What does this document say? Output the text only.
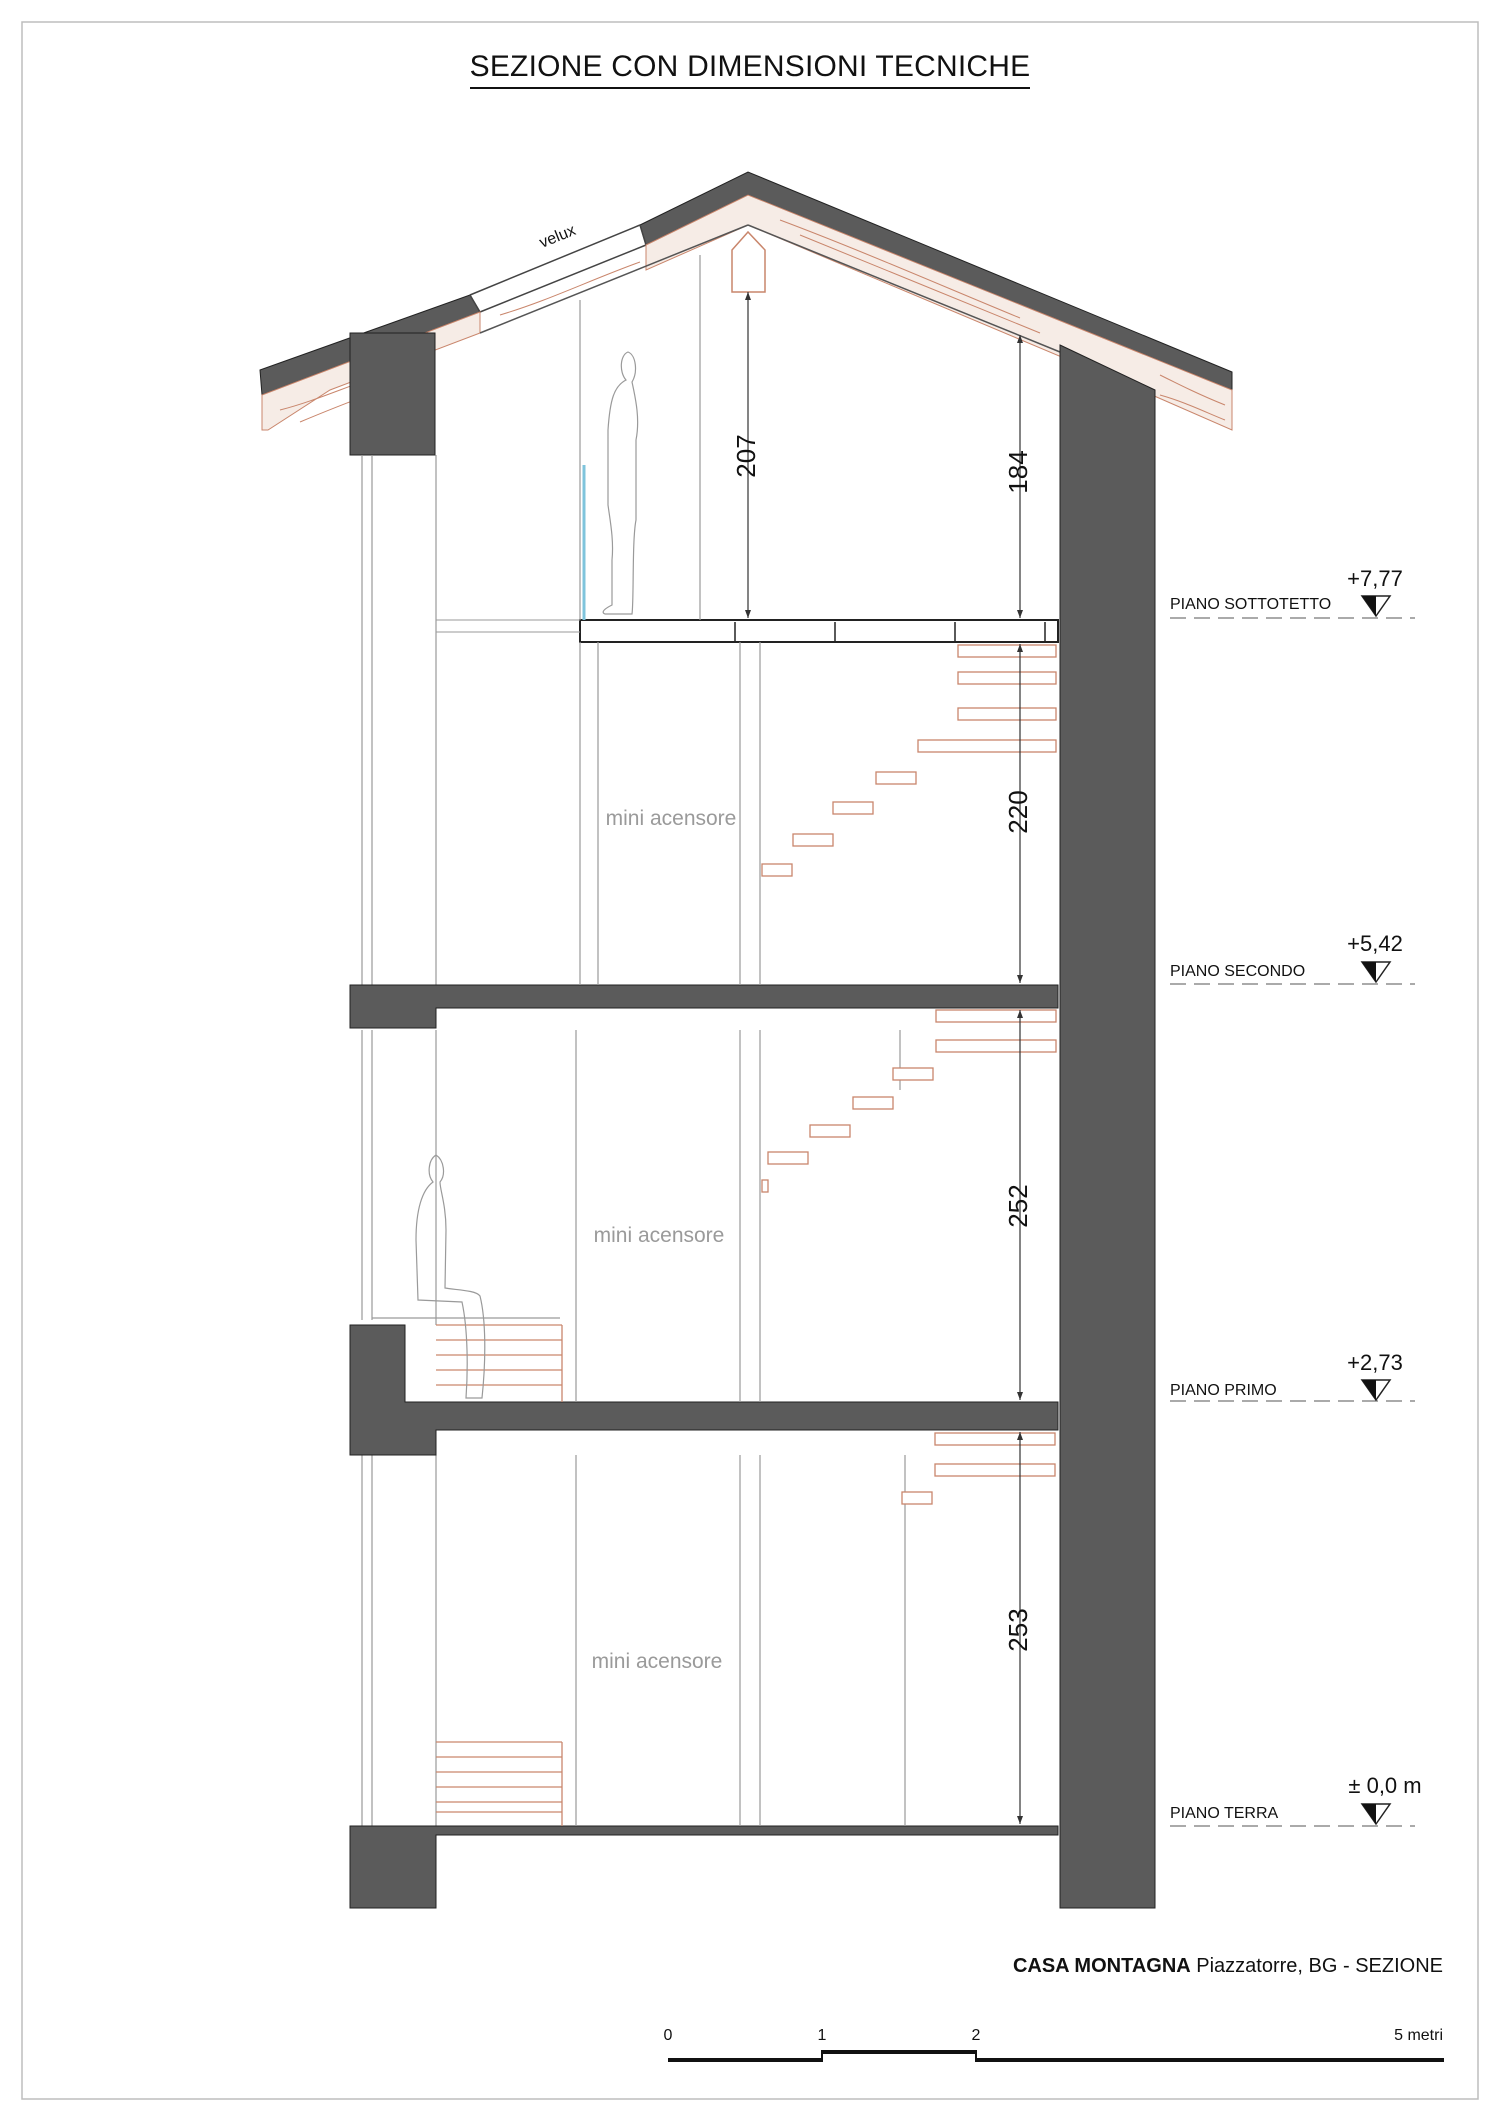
SEZIONE CON DIMENSIONI TECNICHE
velux
207	184
220
252
253
mini acensore
mini acensore
mini acensore
+7,77
PIANO SOTTOTETTO
+5,42
PIANO SECONDO
+2,73
PIANO PRIMO
± 0,0 m
PIANO TERRA
CASA MONTAGNA Piazzatorre, BG - SEZIONE
0	1	2	5 metri
